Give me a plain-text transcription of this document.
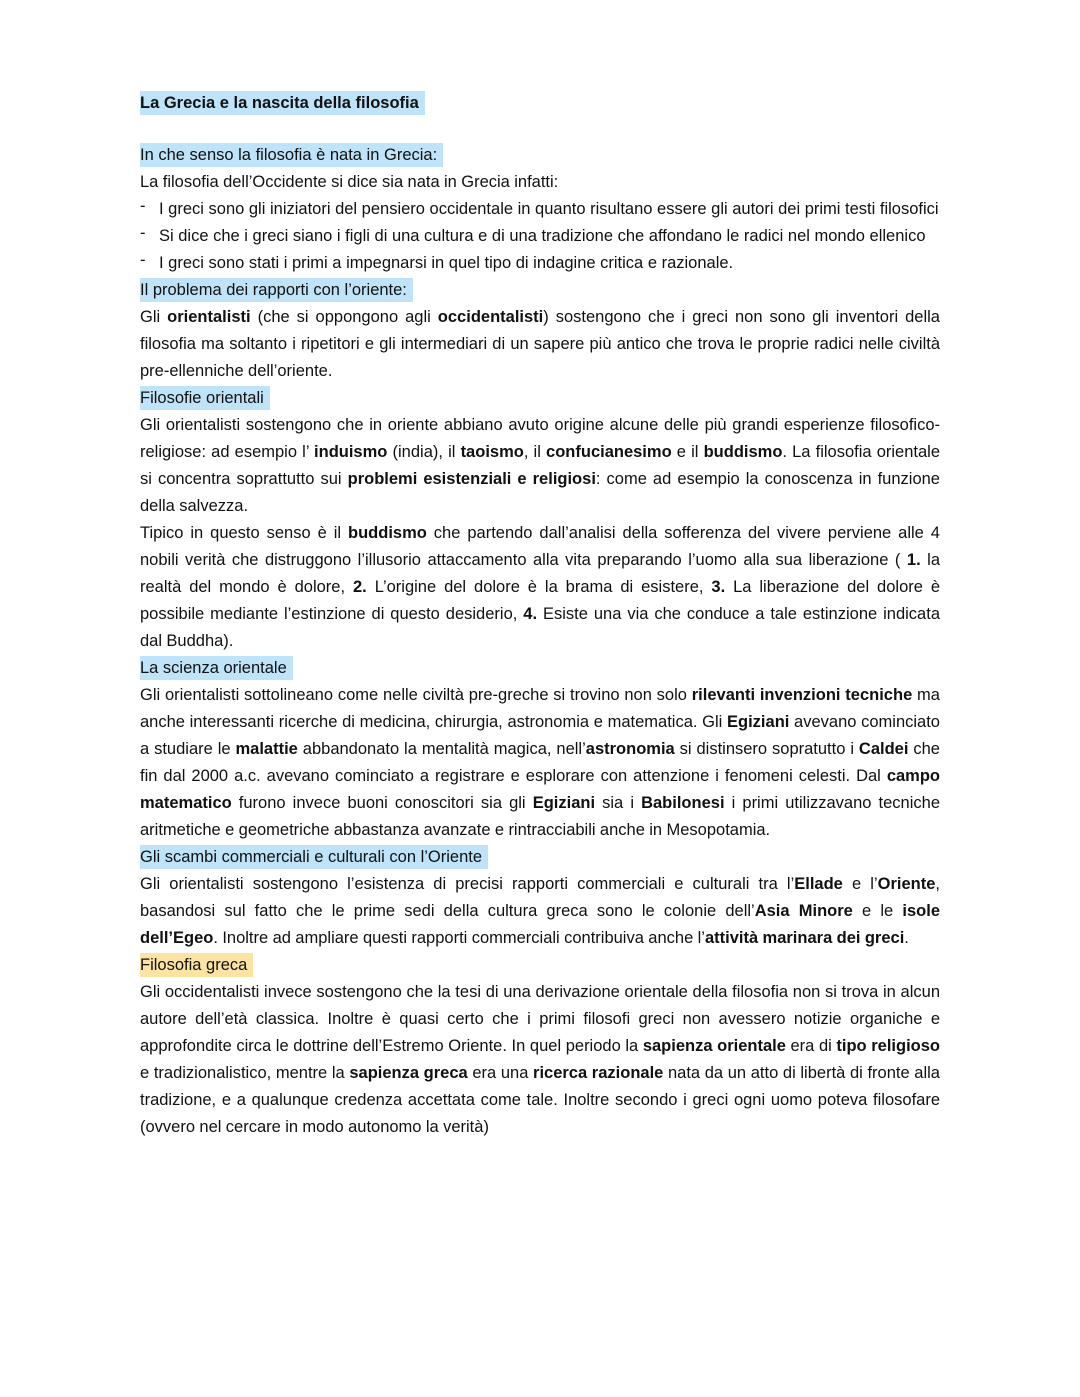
La Grecia e la nascita della filosofia
In che senso la filosofia è nata in Grecia:

La filosofia dell’Occidente si dice sia nata in Grecia infatti:

- I greci sono gli iniziatori del pensiero occidentale in quanto risultano essere gli autori dei primi testi filosofici
- Si dice che i greci siano i figli di una cultura e di una tradizione che affondano le radici nel mondo ellenico
- I greci sono stati i primi a impegnarsi in quel tipo di indagine critica e razionale.
Il problema dei rapporti con l’oriente:

Gli orientalisti (che si oppongono agli occidentalisti) sostengono che i greci non sono gli inventori della filosofia ma soltanto i ripetitori e gli intermediari di un sapere più antico che trova le proprie radici nelle civiltà pre-ellenniche dell’oriente.

Filosofie orientali

Gli orientalisti sostengono che in oriente abbiano avuto origine alcune delle più grandi esperienze filosofico-religiose: ad esempio l’ induismo (india), il taoismo, il confucianesimo e il buddismo. La filosofia orientale si concentra soprattutto sui problemi esistenziali e religiosi: come ad esempio la conoscenza in funzione della salvezza.

Tipico in questo senso è il buddismo che partendo dall’analisi della sofferenza del vivere perviene alle 4 nobili verità che distruggono l’illusorio attaccamento alla vita preparando l’uomo alla sua liberazione ( 1. la realtà del mondo è dolore, 2. L’origine del dolore è la brama di esistere, 3. La liberazione del dolore è possibile mediante l’estinzione di questo desiderio, 4. Esiste una via che conduce a tale estinzione indicata dal Buddha).

La scienza orientale

Gli orientalisti sottolineano come nelle civiltà pre-greche si trovino non solo rilevanti invenzioni tecniche ma anche interessanti ricerche di medicina, chirurgia, astronomia e matematica. Gli Egiziani avevano cominciato a studiare le malattie abbandonato la mentalità magica, nell’astronomia si distinsero sopratutto i Caldei che fin dal 2000 a.c. avevano cominciato a registrare e esplorare con attenzione i fenomeni celesti. Dal campo matematico furono invece buoni conoscitori sia gli Egiziani sia i Babilonesi i primi utilizzavano tecniche aritmetiche e geometriche abbastanza avanzate e rintracciabili anche in Mesopotamia.

Gli scambi commerciali e culturali con l’Oriente

Gli orientalisti sostengono l’esistenza di precisi rapporti commerciali e culturali tra l’Ellade e l’Oriente, basandosi sul fatto che le prime sedi della cultura greca sono le colonie dell’Asia Minore e le isole dell’Egeo. Inoltre ad ampliare questi rapporti commerciali contribuiva anche l’attività marinara dei greci.

Filosofia greca

Gli occidentalisti invece sostengono che la tesi di una derivazione orientale della filosofia non si trova in alcun autore dell’età classica. Inoltre è quasi certo che i primi filosofi greci non avessero notizie organiche e approfondite circa le dottrine dell’Estremo Oriente. In quel periodo la sapienza orientale era di tipo religioso e tradizionalistico, mentre la sapienza greca era una ricerca razionale nata da un atto di libertà di fronte alla tradizione, e a qualunque credenza accettata come tale. Inoltre secondo i greci ogni uomo poteva filosofare (ovvero nel cercare in modo autonomo la verità)
